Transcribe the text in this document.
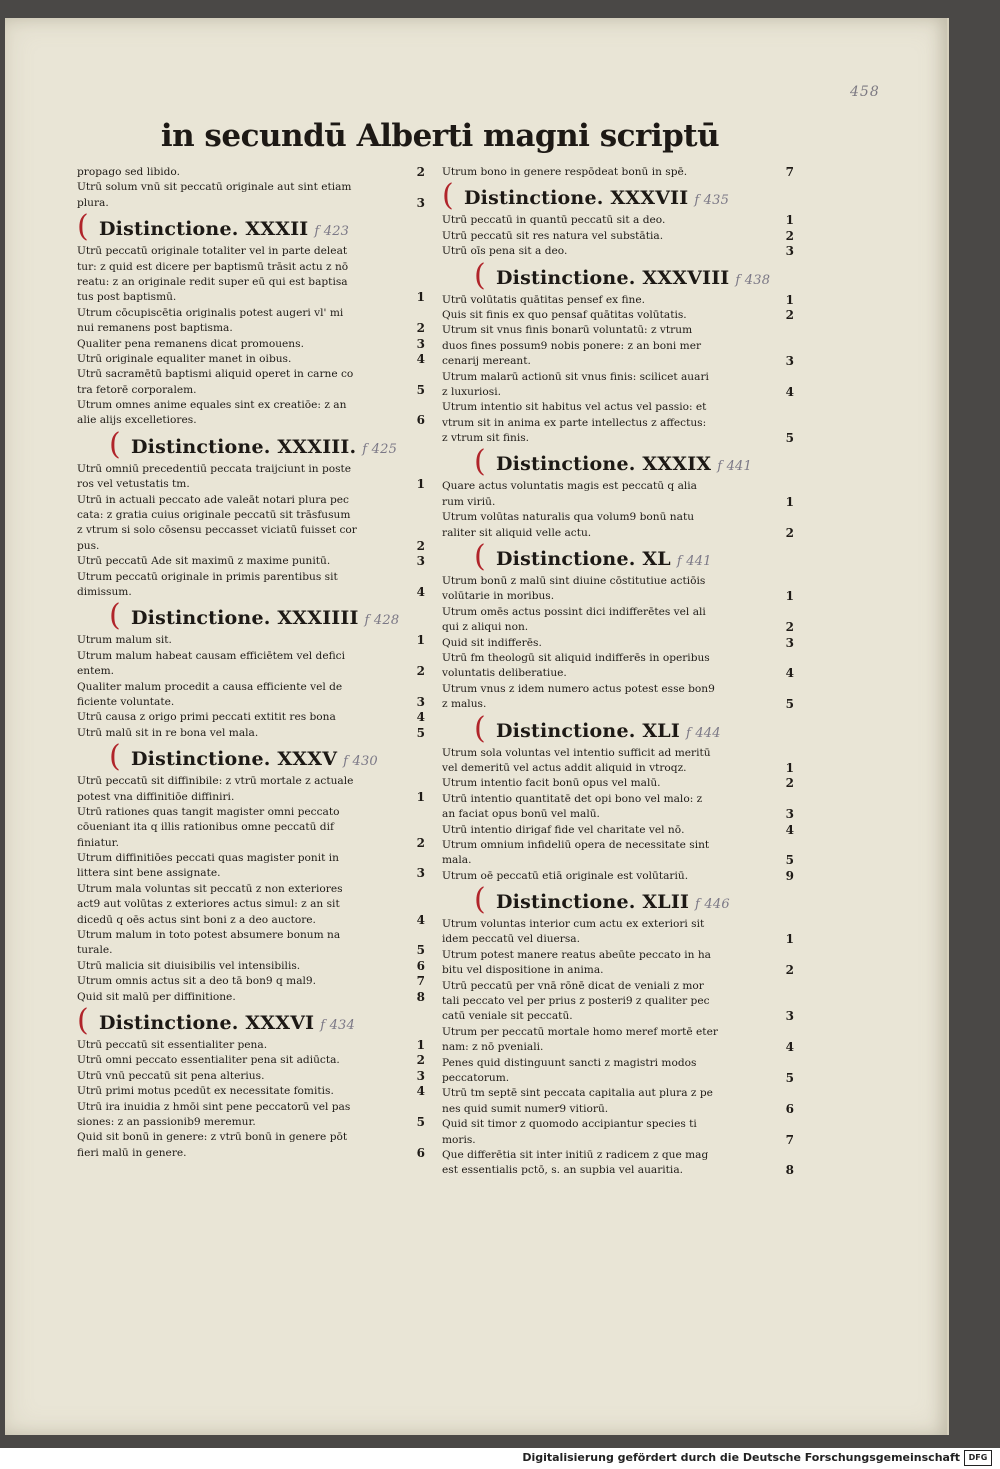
458
in secundū Alberti magni scriptū
propago sed libido.	2
Utrū solum vnū sit peccatū originale aut sint etiam
plura.	3
( Distinctione. XXXII f 423
Utrū peccatū originale totaliter vel in parte deleat
tur: z quid est dicere per baptismū trāsit actu z nō
reatu: z an originale redit super eū qui est baptisa
tus post baptismū.	1
Utrum cōcupiscētia originalis potest augeri vl' mi
nui remanens post baptisma.	2
Qualiter pena remanens dicat promouens.	3
Utrū originale equaliter manet in oibus.	4
Utrū sacramētū baptismi aliquid operet in carne co
tra fetorē corporalem.	5
Utrum omnes anime equales sint ex creatiōe: z an
alie alijs excelletiores.	6
( Distinctione. XXXIII. f 425
Utrū omniū precedentiū peccata traijciunt in poste
ros vel vetustatis tm.	1
Utrū in actuali peccato ade valeāt notari plura pec
cata: z gratia cuius originale peccatū sit trāsfusum
z vtrum si solo cōsensu peccasset viciatū fuisset cor
pus.	2
Utrū peccatū Ade sit maximū z maxime punitū.	3
Utrum peccatū originale in primis parentibus sit
dimissum.	4
( Distinctione. XXXIIII f 428
Utrum malum sit.	1
Utrum malum habeat causam efficiētem vel defici
entem.	2
Qualiter malum procedit a causa efficiente vel de
ficiente voluntate.	3
Utrū causa z origo primi peccati extitit res bona	4
Utrū malū sit in re bona vel mala.	5
( Distinctione. XXXV f 430
Utrū peccatū sit diffinibile: z vtrū mortale z actuale
potest vna diffinitiōe diffiniri.	1
Utrū rationes quas tangit magister omni peccato
cōueniant ita q illis rationibus omne peccatū dif
finiatur.	2
Utrum diffinitiōes peccati quas magister ponit in
littera sint bene assignate.	3
Utrum mala voluntas sit peccatū z non exteriores
act9 aut volūtas z exteriores actus simul: z an sit
dicedū q oēs actus sint boni z a deo auctore.	4
Utrum malum in toto potest absumere bonum na
turale.	5
Utrū malicia sit diuisibilis vel intensibilis.	6
Utrum omnis actus sit a deo tā bon9 q mal9.	7
Quid sit malū per diffinitione.	8
( Distinctione. XXXVI f 434
Utrū peccatū sit essentialiter pena.	1
Utrū omni peccato essentialiter pena sit adiūcta.	2
Utrū vnū peccatū sit pena alterius.	3
Utrū primi motus pcedūt ex necessitate fomitis.	4
Utrū ira inuidia z hmōi sint pene peccatorū vel pas
siones: z an passionib9 meremur.	5
Quid sit bonū in genere: z vtrū bonū in genere pōt
fieri malū in genere.	6
Utrum bono in genere respōdeat bonū in spē.	7
( Distinctione. XXXVII f 435
Utrū peccatū in quantū peccatū sit a deo.	1
Utrū peccatū sit res natura vel substātia.	2
Utrū oīs pena sit a deo.	3
( Distinctione. XXXVIII f 438
Utrū volūtatis quātitas pensef ex fine.	1
Quis sit finis ex quo pensaf quātitas volūtatis.	2
Utrum sit vnus finis bonarū voluntatū: z vtrum
duos fines possum9 nobis ponere: z an boni mer
cenarij mereant.	3
Utrum malarū actionū sit vnus finis: scilicet auari
z luxuriosi.	4
Utrum intentio sit habitus vel actus vel passio: et
vtrum sit in anima ex parte intellectus z affectus:
z vtrum sit finis.	5
( Distinctione. XXXIX f 441
Quare actus voluntatis magis est peccatū q alia
rum viriū.	1
Utrum volūtas naturalis qua volum9 bonū natu
raliter sit aliquid velle actu.	2
( Distinctione. XL f 441
Utrum bonū z malū sint diuine cōstitutiue actiōis
volūtarie in moribus.	1
Utrum omēs actus possint dici indifferētes vel ali
qui z aliqui non.	2
Quid sit indifferēs.	3
Utrū fm theologū sit aliquid indifferēs in operibus
voluntatis deliberatiue.	4
Utrum vnus z idem numero actus potest esse bon9
z malus.	5
( Distinctione. XLI f 444
Utrum sola voluntas vel intentio sufficit ad meritū
vel demeritū vel actus addit aliquid in vtroqz.	1
Utrum intentio facit bonū opus vel malū.	2
Utrū intentio quantitatē det opi bono vel malo: z
an faciat opus bonū vel malū.	3
Utrū intentio dirigaf fide vel charitate vel nō.	4
Utrum omnium infideliū opera de necessitate sint
mala.	5
Utrum oē peccatū etiā originale est volūtariū.	9
( Distinctione. XLII f 446
Utrum voluntas interior cum actu ex exteriori sit
idem peccatū vel diuersa.	1
Utrum potest manere reatus abeūte peccato in ha
bitu vel dispositione in anima.	2
Utrū peccatū per vnā rōnē dicat de veniali z mor
tali peccato vel per prius z posteri9 z qualiter pec
catū veniale sit peccatū.	3
Utrum per peccatū mortale homo meref mortē eter
nam: z nō pveniali.	4
Penes quid distinguunt sancti z magistri modos
peccatorum.	5
Utrū tm septē sint peccata capitalia aut plura z pe
nes quid sumit numer9 vitiorū.	6
Quid sit timor z quomodo accipiantur species ti
moris.	7
Que differētia sit inter initiū z radicem z que mag
est essentialis pctō, s. an supbia vel auaritia.	8
Digitalisierung gefördert durch die Deutsche Forschungsgemeinschaft	DFG
